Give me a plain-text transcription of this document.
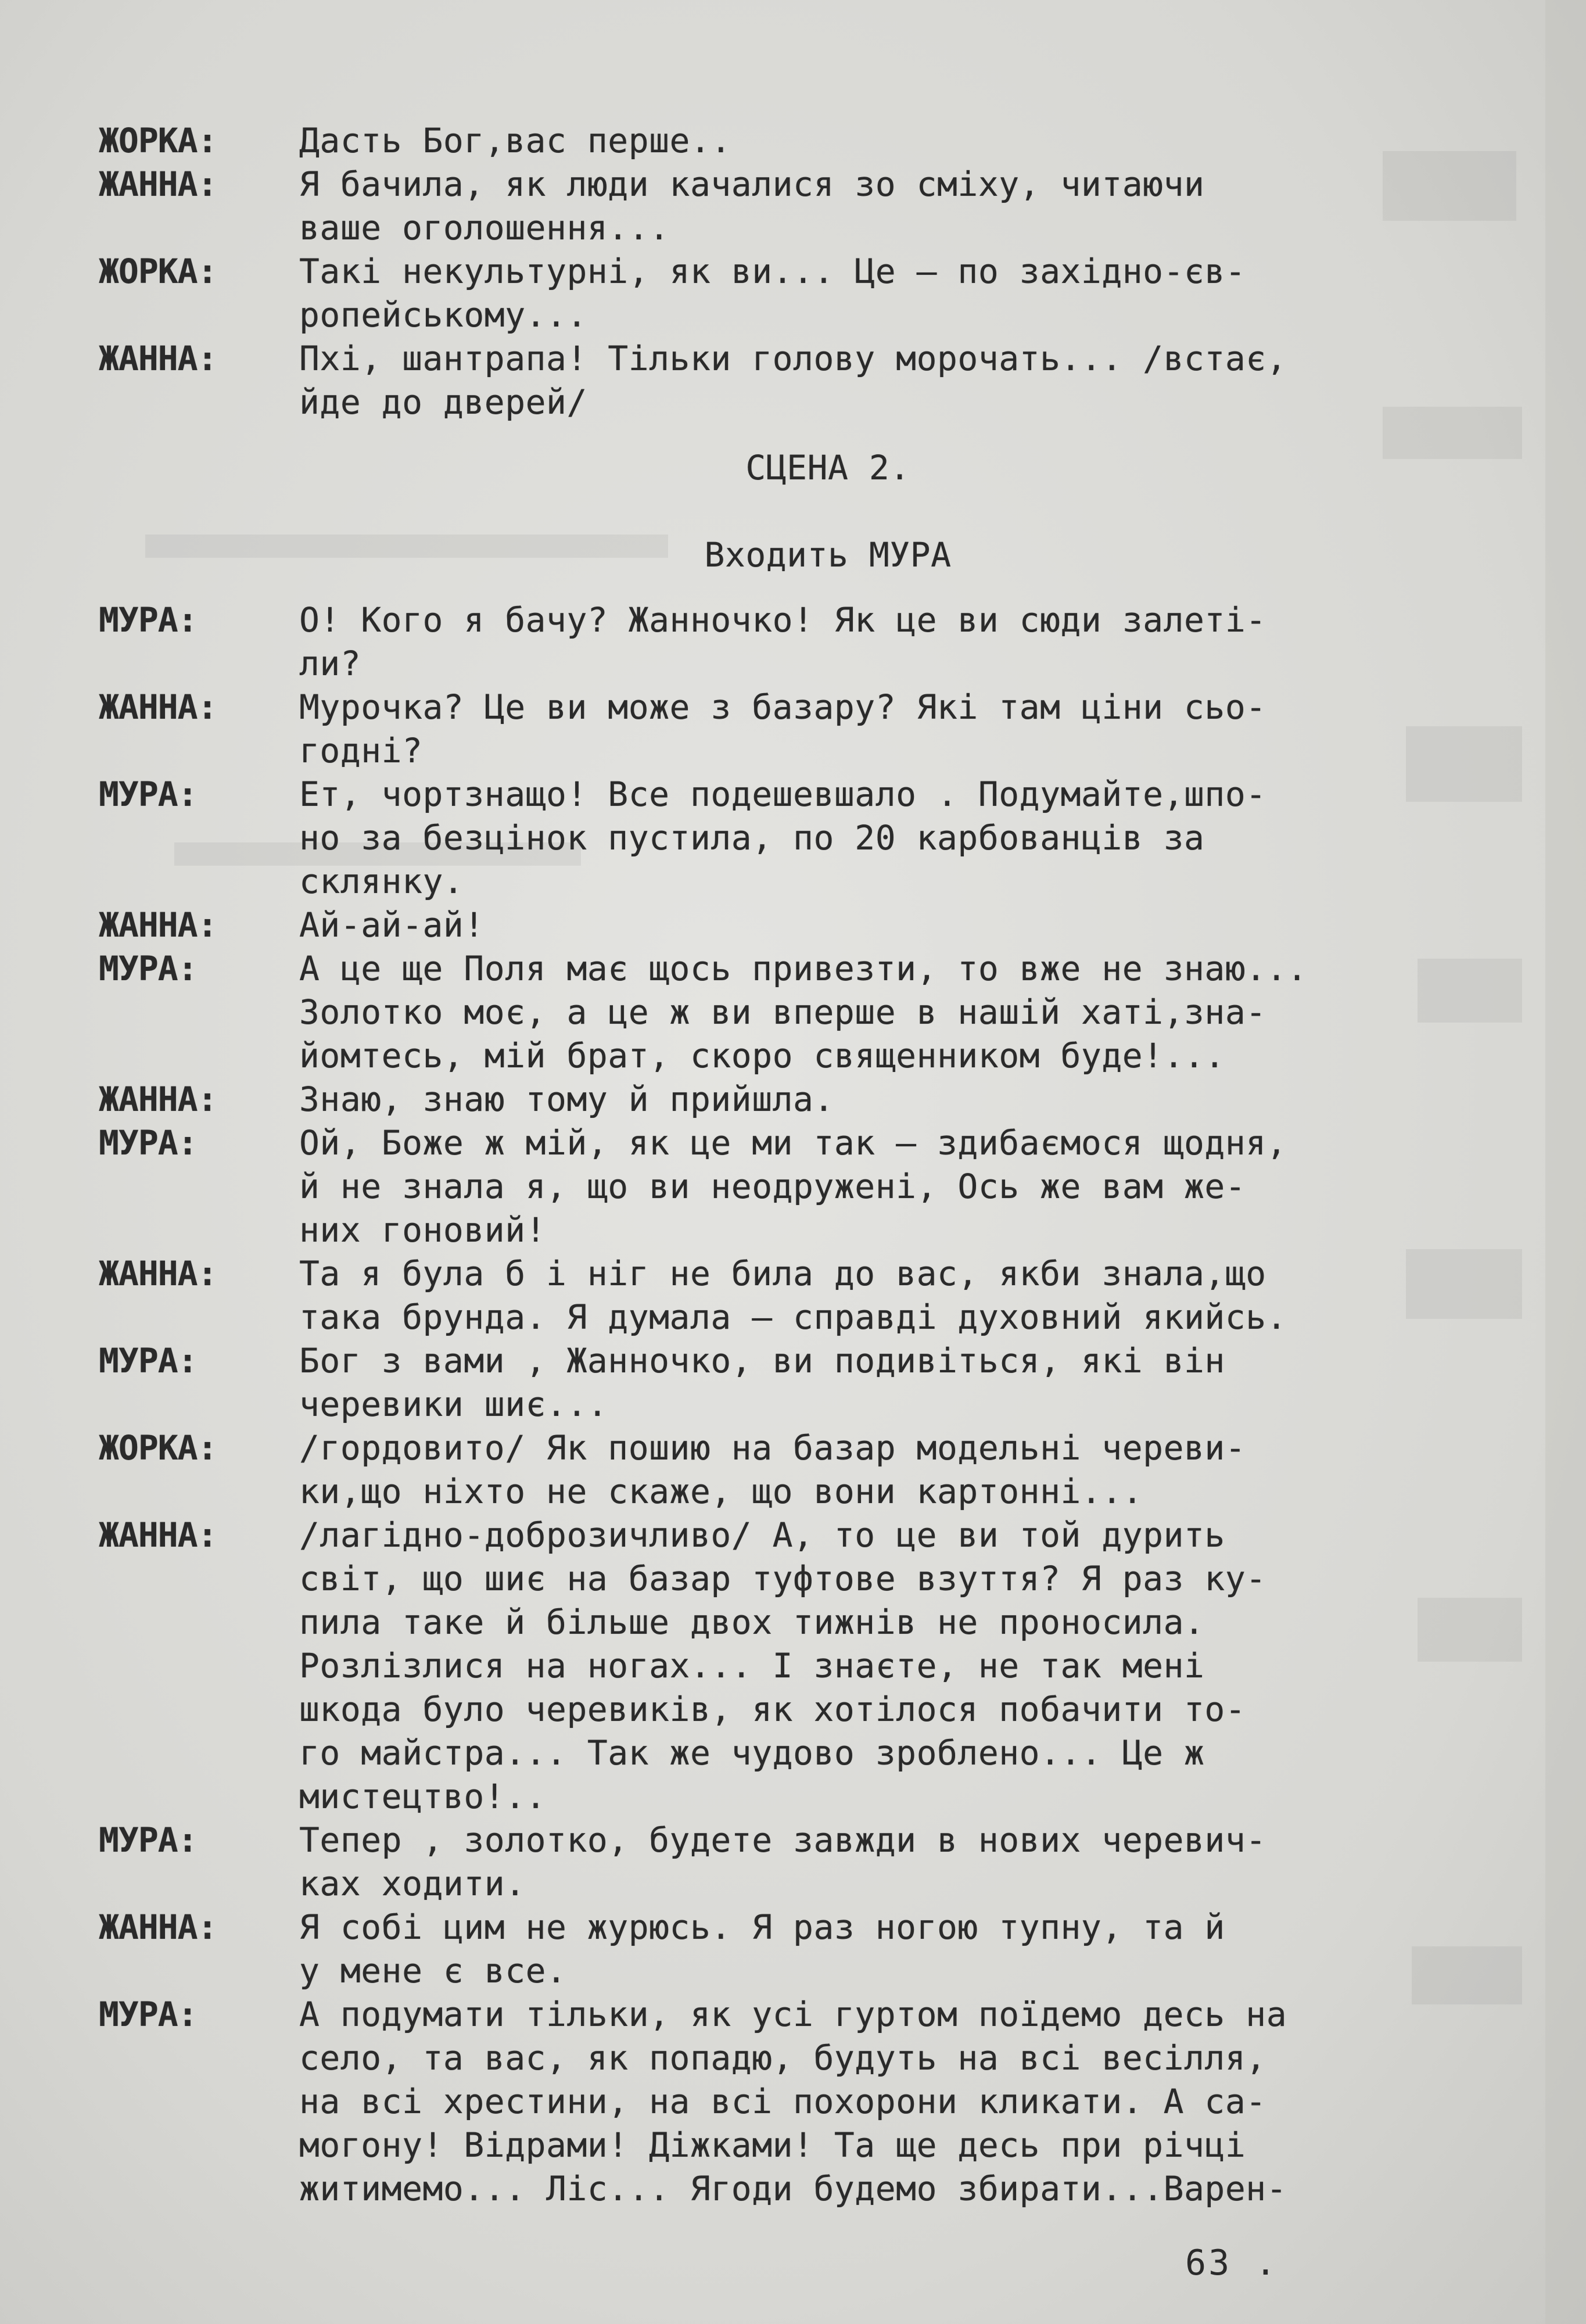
ЖОРКА:	Дасть Бог,вас перше..
ЖАННА:	Я бачила, як люди качалися зо сміху, читаючи
ваше оголошення...
ЖОРКА:	Такі некультурні, як ви... Це – по західно-єв-
ропейському...
ЖАННА:	Пхі, шантрапа! Тільки голову морочать... /встає,
йде до дверей/
СЦЕНА 2.
Входить МУРА
МУРА:	О! Кого я бачу? Жанночко! Як це ви сюди залеті-
ли?
ЖАННА:	Мурочка? Це ви може з базару? Які там ціни сьо-
годні?
МУРА:	Ет, чортзнащо! Все подешевшало . Подумайте,шпо-
но за безцінок пустила, по 20 карбованців за
склянку.
ЖАННА:	Ай-ай-ай!
МУРА:	А це ще Поля має щось привезти, то вже не знаю...
Золотко моє, а це ж ви вперше в нашій хаті,зна-
йомтесь, мій брат, скоро священником буде!...
ЖАННА:	Знаю, знаю тому й прийшла.
МУРА:	Ой, Боже ж мій, як це ми так – здибаємося щодня,
й не знала я, що ви неодружені, Ось же вам же-
них гоновий!
ЖАННА:	Та я була б і ніг не била до вас, якби знала,що
така брунда. Я думала – справді духовний якийсь.
МУРА:	Бог з вами , Жанночко, ви подивіться, які він
черевики шиє...
ЖОРКА:	/гордовито/ Як пошию на базар модельні череви-
ки,що ніхто не скаже, що вони картонні...
ЖАННА:	/лагідно-доброзичливо/ А, то це ви той дурить
світ, що шиє на базар туфтове взуття? Я раз ку-
пила таке й більше двох тижнів не проносила.
Розлізлися на ногах... І знаєте, не так мені
шкода було черевиків, як хотілося побачити то-
го майстра... Так же чудово зроблено... Це ж
мистецтво!..
МУРА:	Тепер , золотко, будете завжди в нових черевич-
ках ходити.
ЖАННА:	Я собі цим не журюсь. Я раз ногою тупну, та й
у мене є все.
МУРА:	А подумати тільки, як усі гуртом поїдемо десь на
село, та вас, як попадю, будуть на всі весілля,
на всі хрестини, на всі похорони кликати. А са-
могону! Відрами! Діжками! Та ще десь при річці
житимемо... Ліс... Ягоди будемо збирати...Варен-
63 .
